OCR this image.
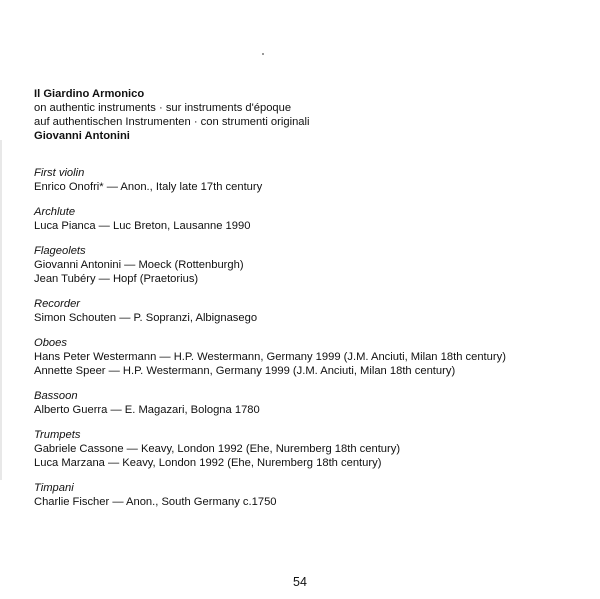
Il Giardino Armonico
on authentic instruments · sur instruments d'époque
auf authentischen Instrumenten · con strumenti originali
Giovanni Antonini
First violin
Enrico Onofri* — Anon., Italy late 17th century
Archlute
Luca Pianca — Luc Breton, Lausanne 1990
Flageolets
Giovanni Antonini — Moeck (Rottenburgh)
Jean Tubéry — Hopf (Praetorius)
Recorder
Simon Schouten — P. Sopranzi, Albignasego
Oboes
Hans Peter Westermann — H.P. Westermann, Germany 1999 (J.M. Anciuti, Milan 18th century)
Annette Speer — H.P. Westermann, Germany 1999 (J.M. Anciuti, Milan 18th century)
Bassoon
Alberto Guerra — E. Magazari, Bologna 1780
Trumpets
Gabriele Cassone — Keavy, London 1992 (Ehe, Nuremberg 18th century)
Luca Marzana — Keavy, London 1992 (Ehe, Nuremberg 18th century)
Timpani
Charlie Fischer — Anon., South Germany c.1750
54
